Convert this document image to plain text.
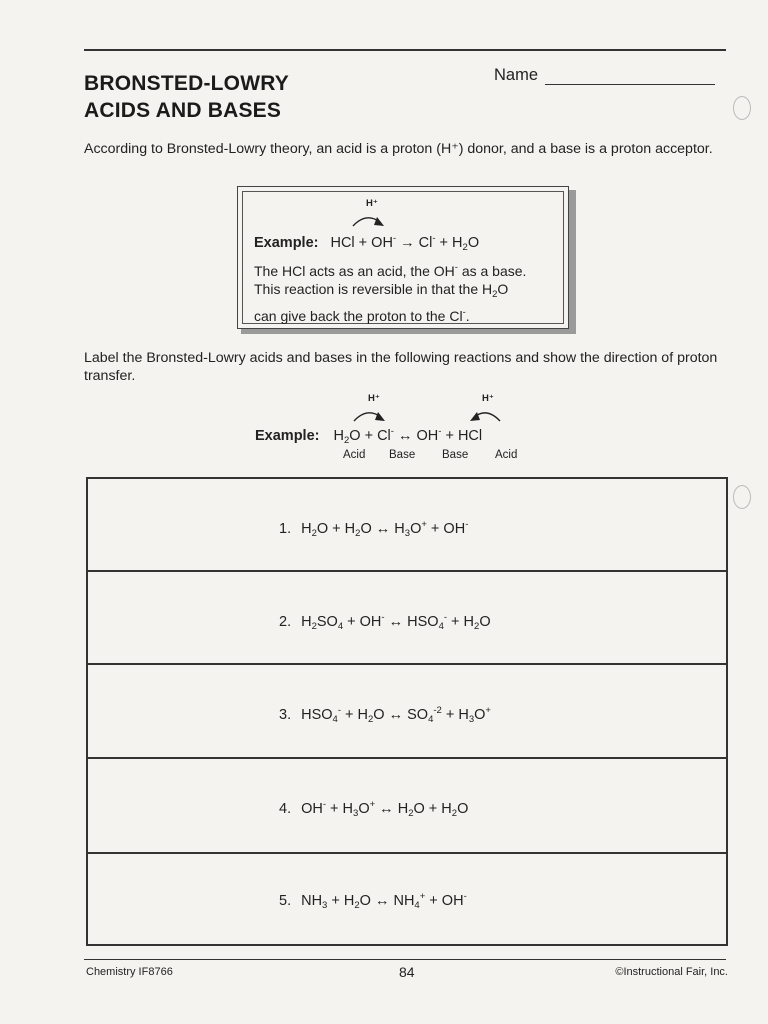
BRONSTED-LOWRY
ACIDS AND BASES
Name
According to Bronsted-Lowry theory, an acid is a proton (H⁺) donor, and a base is a proton acceptor.
H⁺
Example: HCl + $OH^- \to Cl^- + H_2O$
The HCl acts as an acid, the OH- as a base.
This reaction is reversible in that the $H_2O$
can give back the proton to the Cl-.
Label the Bronsted-Lowry acids and bases in the following reactions and show the direction of proton transfer.
H⁺	H⁺
Example: $H_2O + Cl^-$ ↔ OH- + HCl
Acid Base Base Acid
1. $H_2O + H_2O$ ↔ $H_3O^+ + OH^-$
2. $H_2SO_4 + OH^-$ ↔ $HSO_4^- + H_2O$
3. $HSO_4^- + H_2O$ ↔ $SO_4^{-2} + H_3O^+$
4. $OH^- + H_3O^+$ ↔ $H_2O + H_2O$
5. $NH_3 + H_2O$ ↔ $NH_4^+ + OH^-$
Chemistry IF8766	84	©Instructional Fair, Inc.
